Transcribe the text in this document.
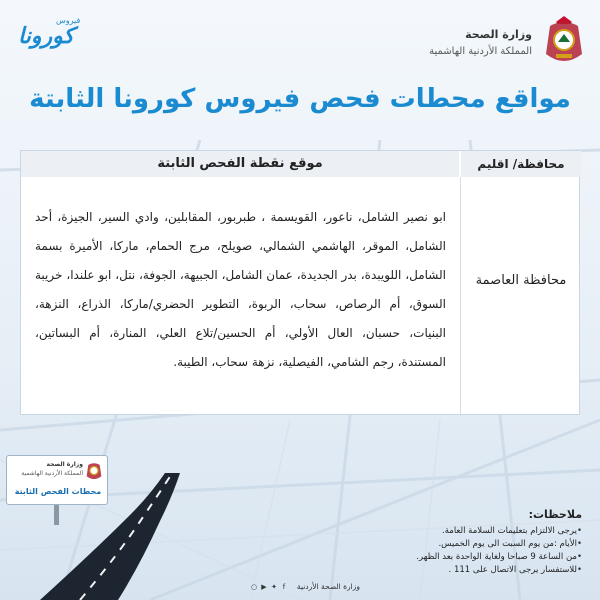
وزارة الصحة
المملكة الأردنية الهاشمية
فيروس
كورونا
مواقع محطات فحص فيروس كورونا الثابتة
موقع نقطة الفحص الثابتة	محافظة/ اقليم
ابو نصير الشامل، ناعور، القويسمة ، طبربور، المقابلين، وادي السير، الجيزة، أحد الشامل، الموقر، الهاشمي الشمالي، صويلح، مرج الحمام، ماركا، الأميرة بسمة الشامل، اللويبدة، بدر الجديدة، عمان الشامل، الجبيهة، الجوفة، نتل، ابو علندا، خريبة السوق، أم الرصاص، سحاب، الربوة، التطوير الحضري/ماركا، الذراع، النزهة، البنيات، حسبان، العال الأولي، أم الحسين/تلاع العلي، المنارة، أم البساتين، المستندة، رجم الشامي، الفيصلية، نزهة سحاب، الطيبة.
محافظة العاصمة
وزارة الصحة
المملكة الأردنية الهاشمية
محطات الفحص الثابتة
ملاحظات:
• يرجى الالتزام بتعليمات السلامة العامة.
• الأيام :من يوم السبت الى يوم الخميس.
• من الساعة 9 صباحا ولغاية الواحدة بعد الظهر.
• للاستفسار يرجى الاتصال على 111 .
وزارة الصحة الأردنية
f
✦
▶
○
